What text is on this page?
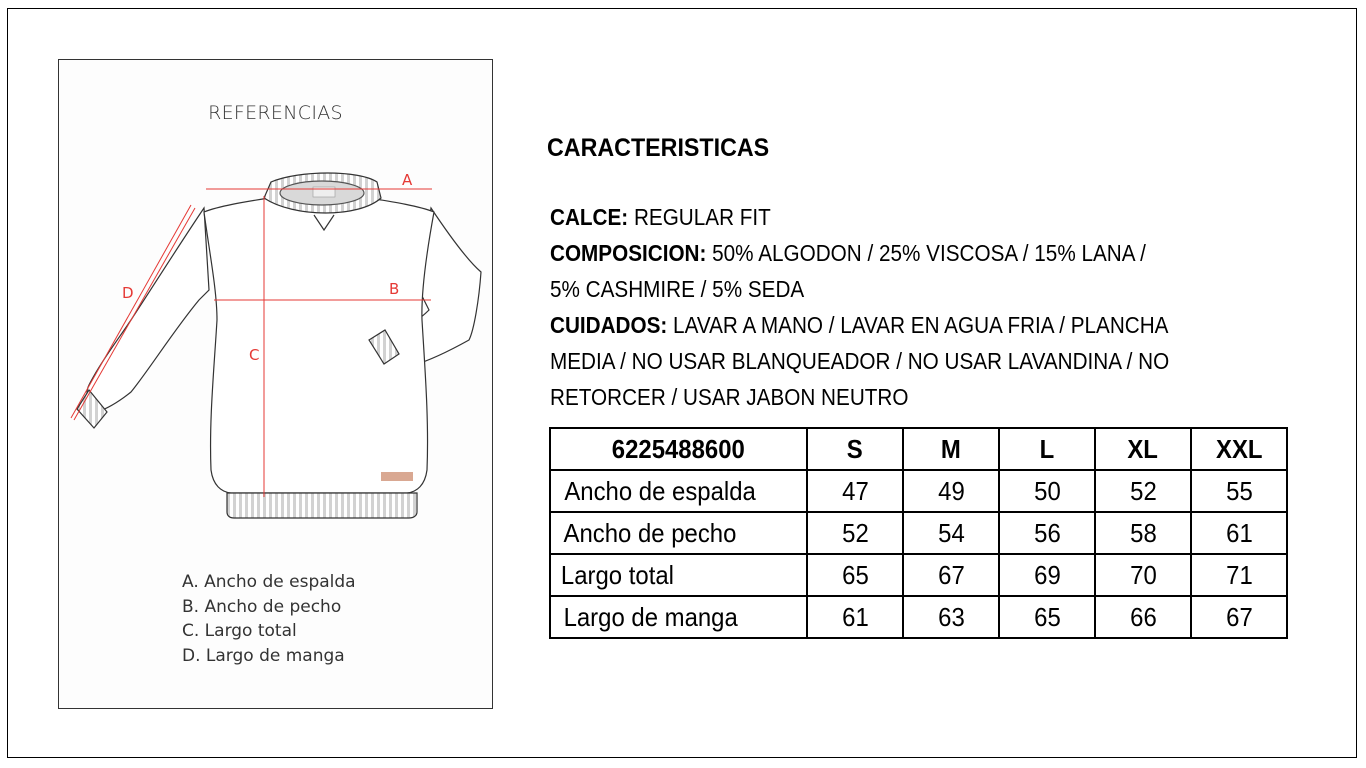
REFERENCIAS
A
B
C
D
A. Ancho de espalda
B. Ancho de pecho
C. Largo total
D. Largo de manga
CARACTERISTICAS
CALCE: REGULAR FIT
COMPOSICION: 50% ALGODON / 25% VISCOSA / 15% LANA /
5% CASHMIRE / 5% SEDA
CUIDADOS: LAVAR A MANO / LAVAR EN AGUA FRIA / PLANCHA
MEDIA / NO USAR BLANQUEADOR / NO USAR LAVANDINA / NO
RETORCER / USAR JABON NEUTRO
6225488600	S	M	L	XL	XXL
Ancho de espalda	47	49	50	52	55
Ancho de pecho	52	54	56	58	61
Largo total	65	67	69	70	71
Largo de manga	61	63	65	66	67
